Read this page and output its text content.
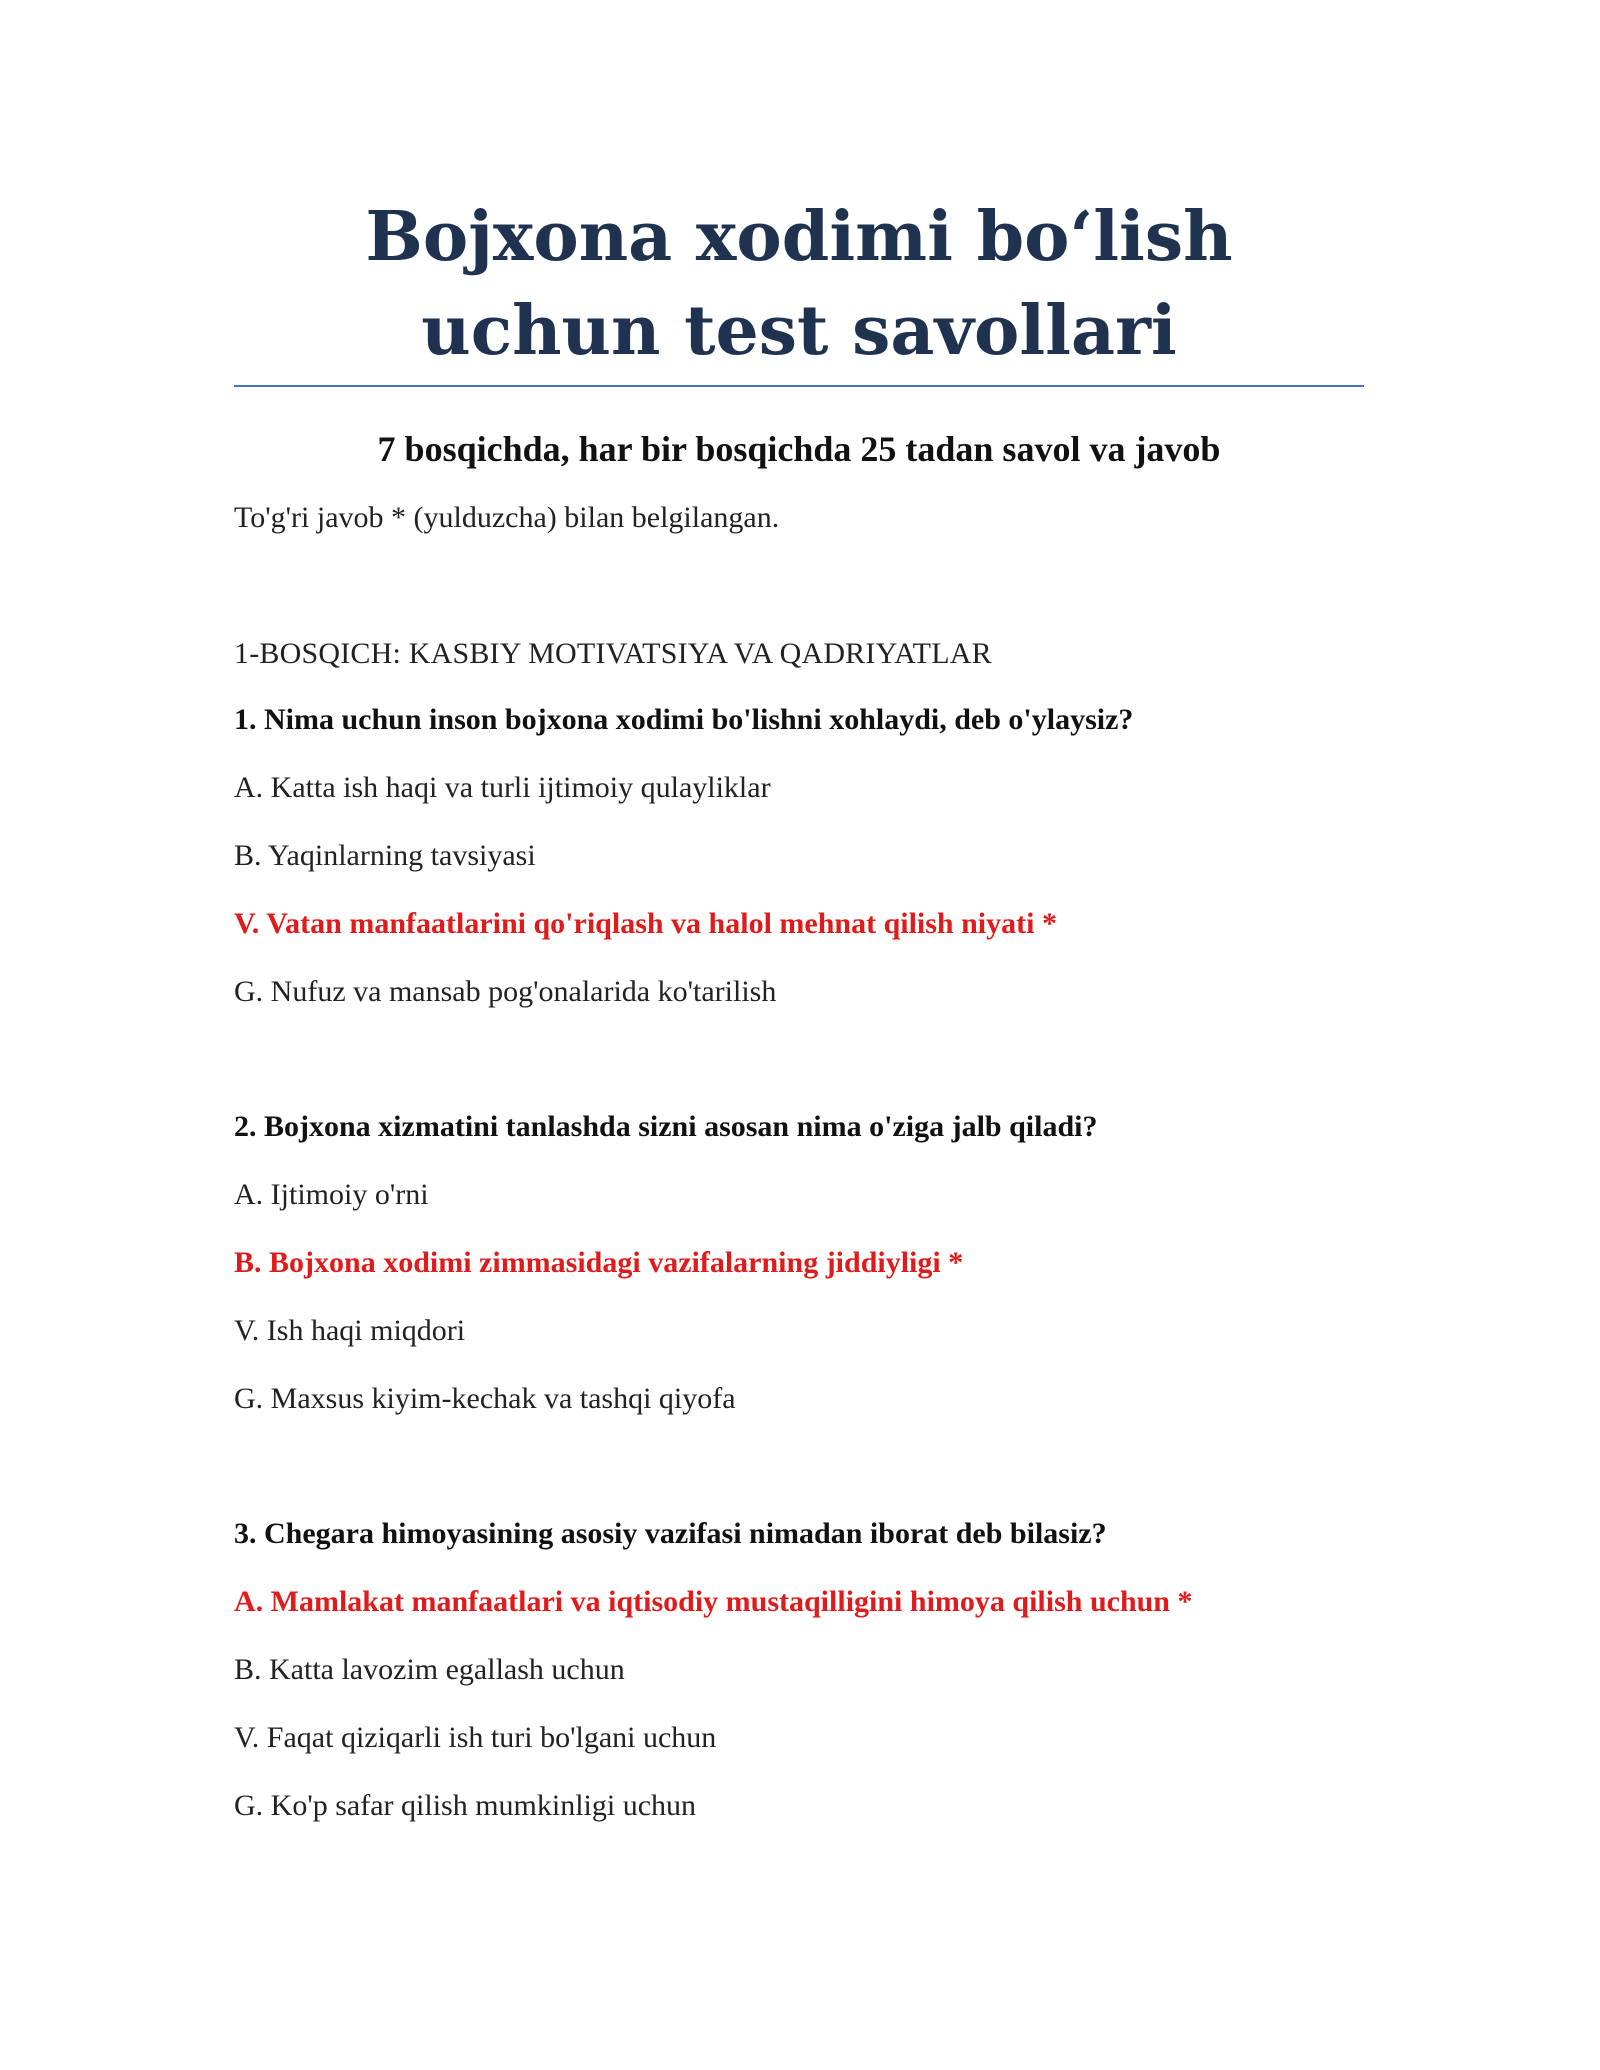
Bojxona xodimi bo‘lish uchun test savollari
7 bosqichda, har bir bosqichda 25 tadan savol va javob
To'g'ri javob * (yulduzcha) bilan belgilangan.
1-BOSQICH: KASBIY MOTIVATSIYA VA QADRIYATLAR
1. Nima uchun inson bojxona xodimi bo'lishni xohlaydi, deb o'ylaysiz?
A. Katta ish haqi va turli ijtimoiy qulayliklar
B. Yaqinlarning tavsiyasi
V. Vatan manfaatlarini qo'riqlash va halol mehnat qilish niyati *
G. Nufuz va mansab pog'onalarida ko'tarilish
2. Bojxona xizmatini tanlashda sizni asosan nima o'ziga jalb qiladi?
A. Ijtimoiy o'rni
B. Bojxona xodimi zimmasidagi vazifalarning jiddiyligi *
V. Ish haqi miqdori
G. Maxsus kiyim-kechak va tashqi qiyofa
3. Chegara himoyasining asosiy vazifasi nimadan iborat deb bilasiz?
A. Mamlakat manfaatlari va iqtisodiy mustaqilligini himoya qilish uchun *
B. Katta lavozim egallash uchun
V. Faqat qiziqarli ish turi bo'lgani uchun
G. Ko'p safar qilish mumkinligi uchun
